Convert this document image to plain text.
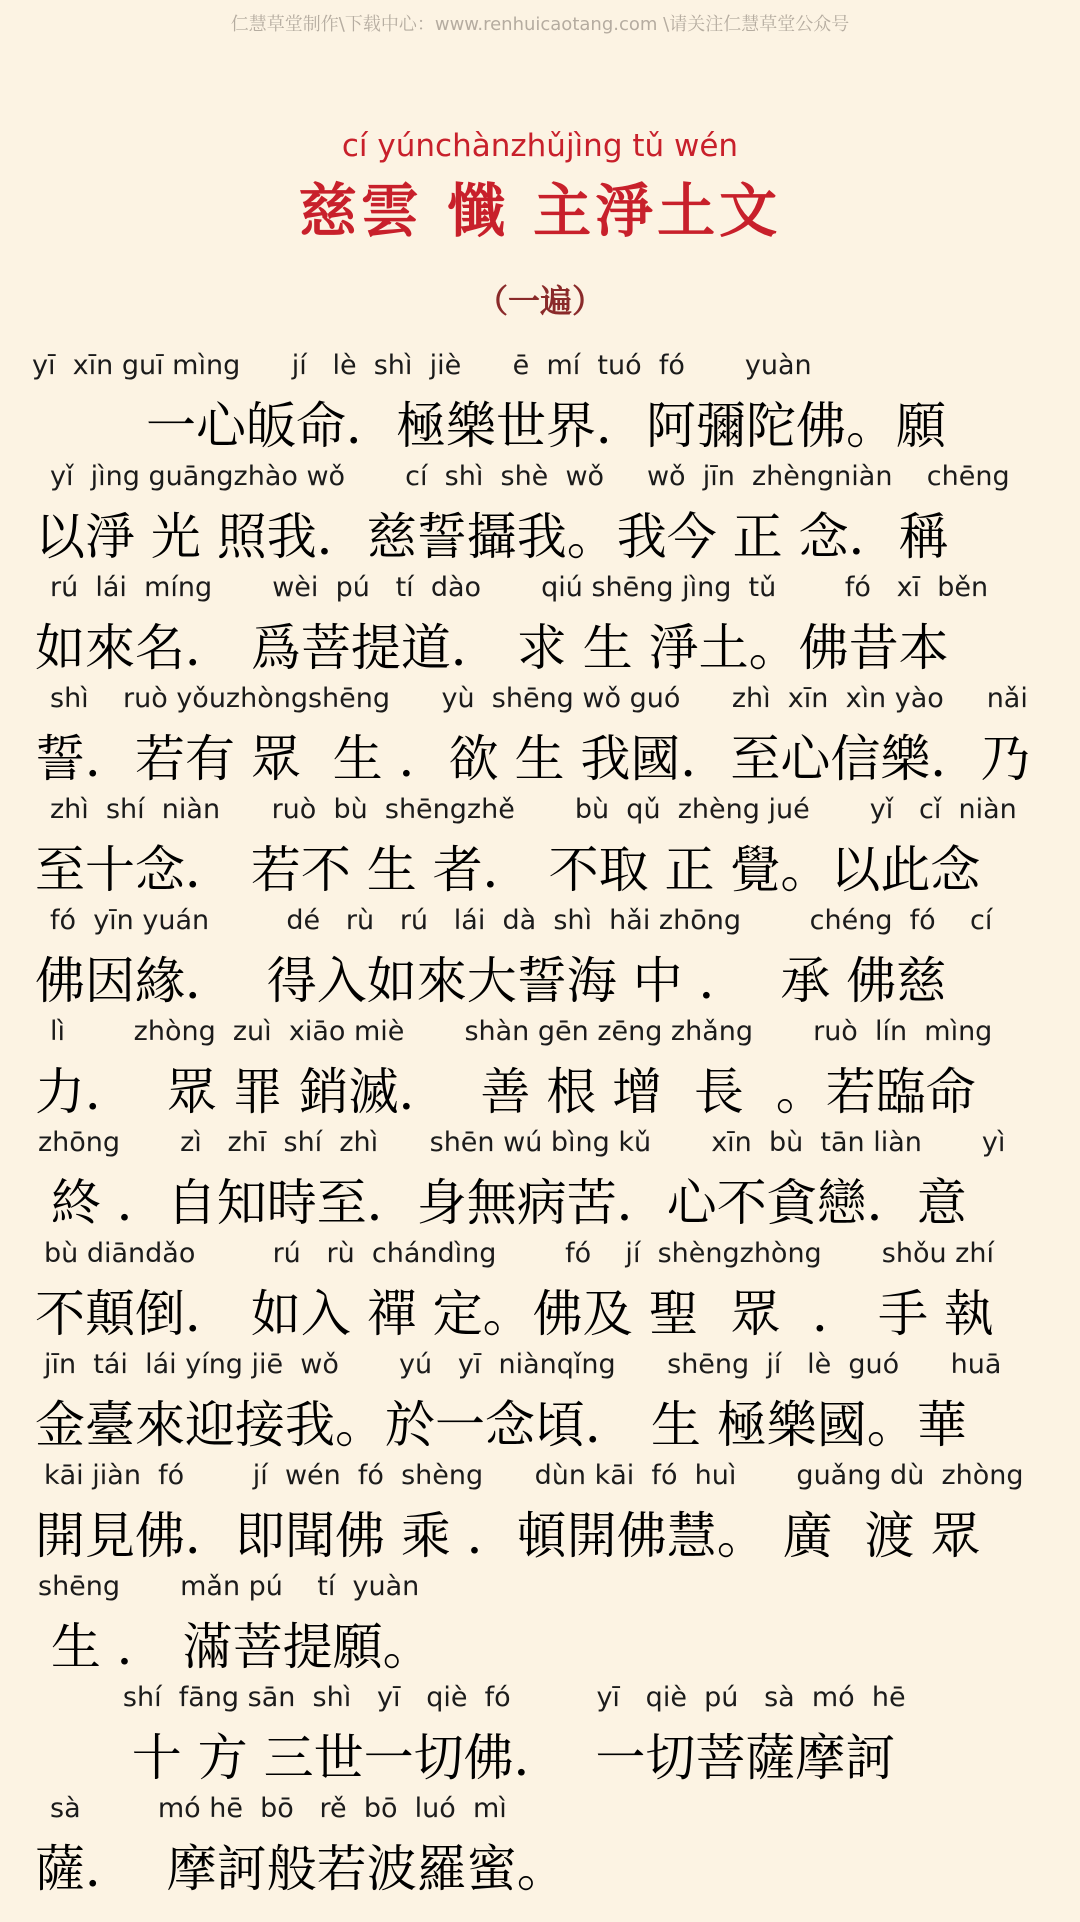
仁慧草堂制作\下载中心：www.renhuicaotang.com \请关注仁慧草堂公众号
cí yúnchànzhǔjìng tǔ wén
慈雲 懺 主淨土文
（一遍）
yī  xīn guī mìng      jí   lè  shì  jiè      ē  mí  tuó  fó       yuàn
一心皈命．極樂世界．阿彌陀佛。願
yǐ  jìng guāngzhào wǒ       cí  shì  shè  wǒ     wǒ  jīn  zhèngniàn    chēng
以淨 光 照我．慈誓攝我。我今 正 念．稱
rú  lái  míng       wèi  pú   tí  dào       qiú shēng jìng  tǔ        fó   xī  běn
如來名． 爲菩提道． 求 生 淨土。佛昔本
shì    ruò yǒuzhòngshēng      yù  shēng wǒ guó      zhì  xīn  xìn yào     nǎi
誓．若有 眾  生 ．欲 生 我國．至心信樂．乃
zhì  shí  niàn      ruò  bù  shēngzhě       bù  qǔ  zhèng jué       yǐ   cǐ  niàn
至十念． 若不 生 者． 不取 正 覺。以此念
fó  yīn yuán         dé   rù   rú   lái  dà  shì  hǎi zhōng        chéng  fó    cí
佛因緣．  得入如來大誓海 中 ．  承 佛慈
lì        zhòng  zuì  xiāo miè       shàn gēn zēng zhǎng       ruò  lín  mìng
力．  眾 罪 銷滅．  善 根 增  長  。若臨命
zhōng       zì   zhī  shí  zhì      shēn wú bìng kǔ       xīn  bù  tān liàn       yì
終 ．自知時至．身無病苦．心不貪戀．意
bù diāndǎo         rú   rù  chándìng        fó    jí  shèngzhòng       shǒu zhí
不顛倒． 如入 禪 定。佛及 聖  眾  ． 手 執
jīn  tái  lái yíng jiē  wǒ       yú   yī  niànqǐng      shēng  jí   lè  guó      huā
金臺來迎接我。於一念頃． 生 極樂國。華
kāi jiàn  fó        jí  wén  fó  shèng      dùn kāi  fó  huì       guǎng dù  zhòng
開見佛．即聞佛 乘 ．頓開佛慧。 廣  渡 眾
shēng       mǎn pú    tí  yuàn
生 ． 滿菩提願。
shí  fāng sān  shì   yī   qiè  fó          yī   qiè  pú   sà  mó  hē
十 方 三世一切佛．  一切菩薩摩訶
sà         mó hē  bō   rě  bō  luó  mì
薩．  摩訶般若波羅蜜。
